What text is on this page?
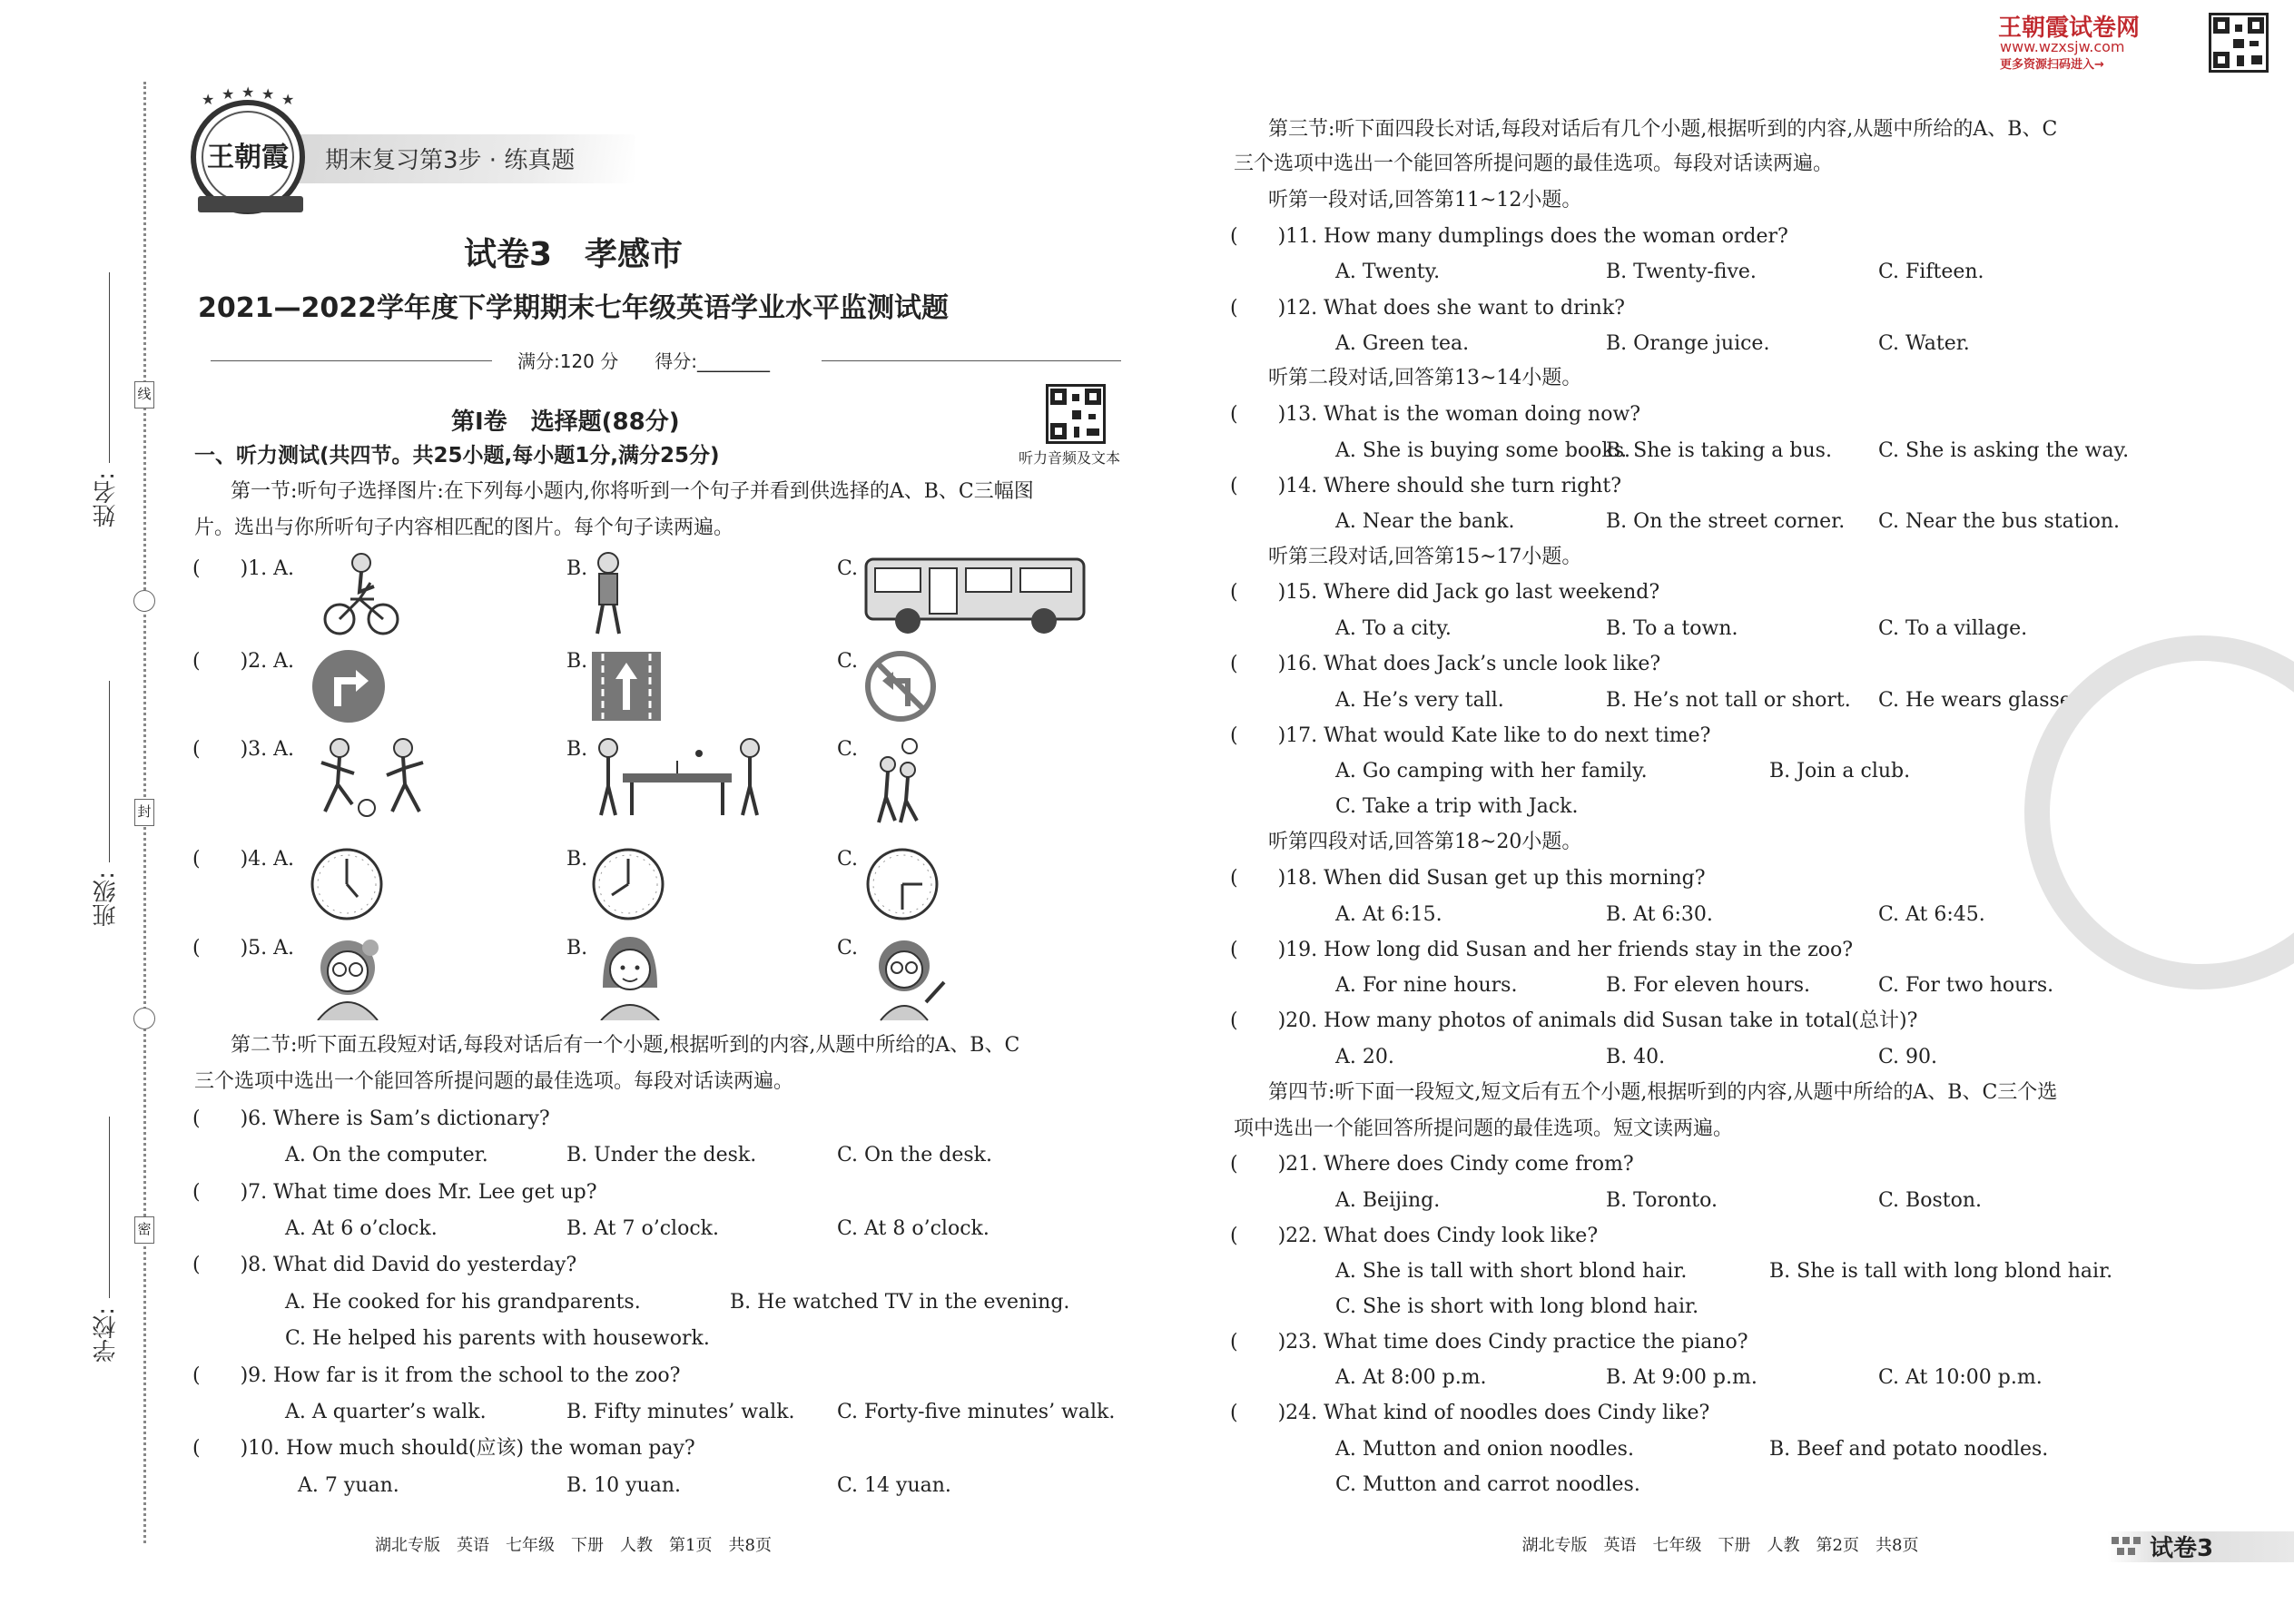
姓名:
班级:
学校:
线
封
密
期末复习第3步 · 练真题
王朝霞
★ ★ ★ ★ ★
试卷3　孝感市
2021—2022学年度下学期期末七年级英语学业水平监测试题
满分:120 分　　得分:________
第Ⅰ卷　选择题(88分)
听力音频及文本
一、听力测试(共四节。共25小题,每小题1分,满分25分)
第一节:听句子选择图片:在下列每小题内,你将听到一个句子并看到供选择的A、B、C三幅图
片。选出与你所听句子内容相匹配的图片。每个句子读两遍。
(　　)1. A.	B.	C.
(　　)2. A.	B.	C.
(　　)3. A.	B.	C.
(　　)4. A.	B.	C.
(　　)5. A.	B.	C.
第二节:听下面五段短对话,每段对话后有一个小题,根据听到的内容,从题中所给的A、B、C
三个选项中选出一个能回答所提问题的最佳选项。每段对话读两遍。
(　　)6. Where is Sam’s dictionary?
A. On the computer.	B. Under the desk.	C. On the desk.
(　　)7. What time does Mr. Lee get up?
A. At 6 o’clock.	B. At 7 o’clock.	C. At 8 o’clock.
(　　)8. What did David do yesterday?
A. He cooked for his grandparents.	B. He watched TV in the evening.
C. He helped his parents with housework.
(　　)9. How far is it from the school to the zoo?
A. A quarter’s walk.	B. Fifty minutes’ walk. C. Forty-five minutes’ walk.
(　　)10. How much should(应该) the woman pay?
A. 7 yuan.	B. 10 yuan.	C. 14 yuan.
湖北专版　英语　七年级　下册　人教　第1页　共8页
王朝霞试卷网
www.wzxsjw.com
更多资源扫码进入→
第三节:听下面四段长对话,每段对话后有几个小题,根据听到的内容,从题中所给的A、B、C
三个选项中选出一个能回答所提问题的最佳选项。每段对话读两遍。
听第一段对话,回答第11~12小题。
(　　)11. How many dumplings does the woman order?
A. Twenty.	B. Twenty-five.	C. Fifteen.
(　　)12. What does she want to drink?
A. Green tea.	B. Orange juice.	C. Water.
听第二段对话,回答第13~14小题。
(　　)13. What is the woman doing now?
A. She is buying some books.
B. She is taking a bus. C. She is asking the way.
(　　)14. Where should she turn right?
A. Near the bank.	B. On the street corner. C. Near the bus station.
听第三段对话,回答第15~17小题。
(　　)15. Where did Jack go last weekend?
A. To a city.	B. To a town.	C. To a village.
(　　)16. What does Jack’s uncle look like?
A. He’s very tall.	B. He’s not tall or short. C. He wears glasses.
(　　)17. What would Kate like to do next time?
A. Go camping with her family.	B. Join a club.
C. Take a trip with Jack.
听第四段对话,回答第18~20小题。
(　　)18. When did Susan get up this morning?
A. At 6:15.	B. At 6:30.	C. At 6:45.
(　　)19. How long did Susan and her friends stay in the zoo?
A. For nine hours.	B. For eleven hours.	C. For two hours.
(　　)20. How many photos of animals did Susan take in total(总计)?
A. 20.	B. 40.	C. 90.
第四节:听下面一段短文,短文后有五个小题,根据听到的内容,从题中所给的A、B、C三个选
项中选出一个能回答所提问题的最佳选项。短文读两遍。
(　　)21. Where does Cindy come from?
A. Beijing.	B. Toronto.	C. Boston.
(　　)22. What does Cindy look like?
A. She is tall with short blond hair.	B. She is tall with long blond hair.
C. She is short with long blond hair.
(　　)23. What time does Cindy practice the piano?
A. At 8:00 p.m.	B. At 9:00 p.m.	C. At 10:00 p.m.
(　　)24. What kind of noodles does Cindy like?
A. Mutton and onion noodles.	B. Beef and potato noodles.
C. Mutton and carrot noodles.
湖北专版　英语　七年级　下册　人教　第2页　共8页	试卷3
